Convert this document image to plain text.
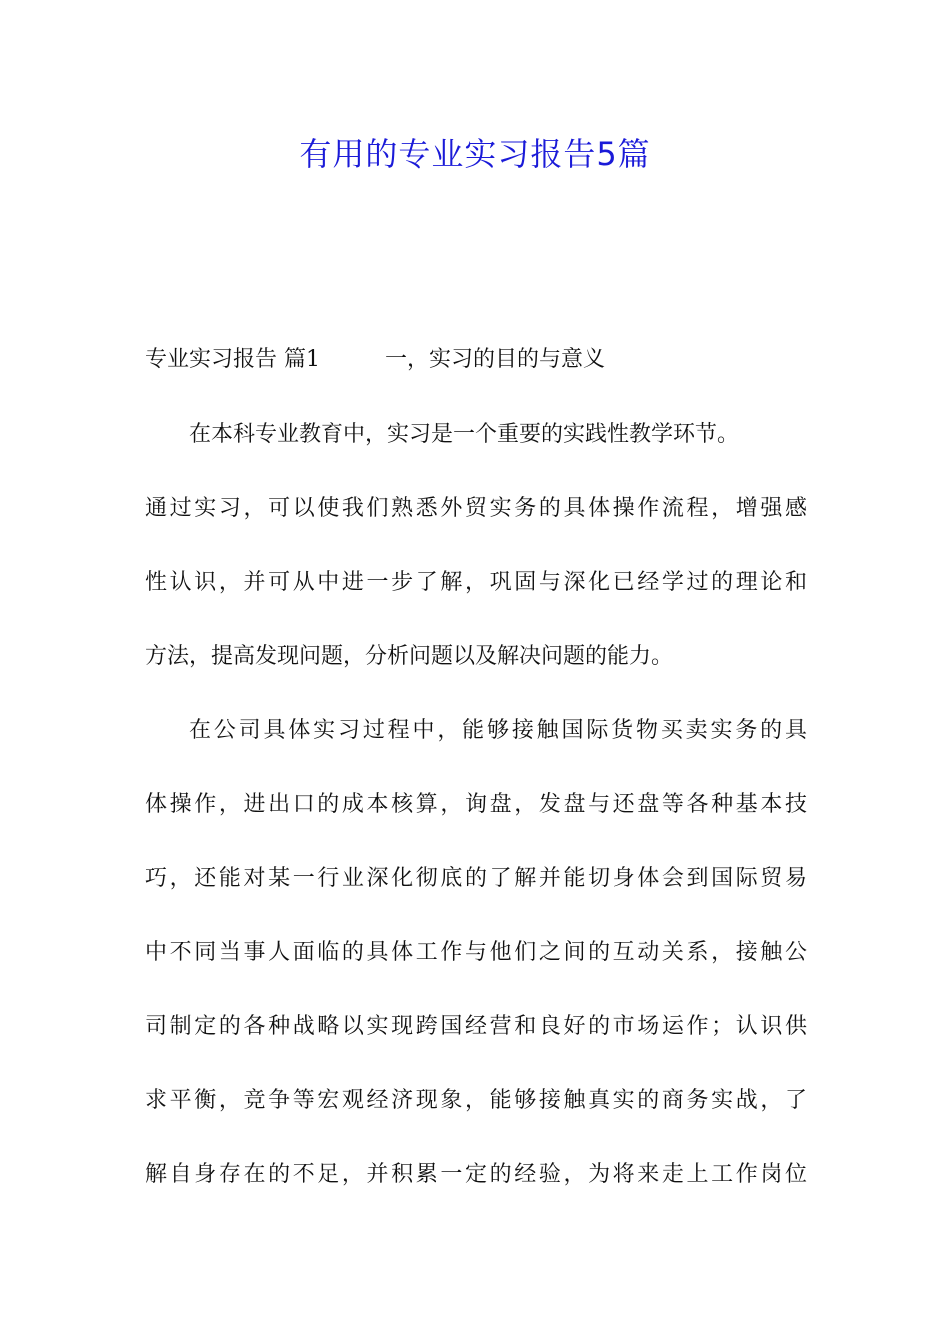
有用的专业实习报告5篇
专业实习报告 篇1	一，实习的目的与意义
在本科专业教育中，实习是一个重要的实践性教学环节。
通过实习，可以使我们熟悉外贸实务的具体操作流程，增强感
性认识，并可从中进一步了解，巩固与深化已经学过的理论和
方法，提高发现问题，分析问题以及解决问题的能力。
在公司具体实习过程中，能够接触国际货物买卖实务的具
体操作，进出口的成本核算，询盘，发盘与还盘等各种基本技
巧，还能对某一行业深化彻底的了解并能切身体会到国际贸易
中不同当事人面临的具体工作与他们之间的互动关系，接触公
司制定的各种战略以实现跨国经营和良好的市场运作；认识供
求平衡，竞争等宏观经济现象，能够接触真实的商务实战，了
解自身存在的不足，并积累一定的经验，为将来走上工作岗位
